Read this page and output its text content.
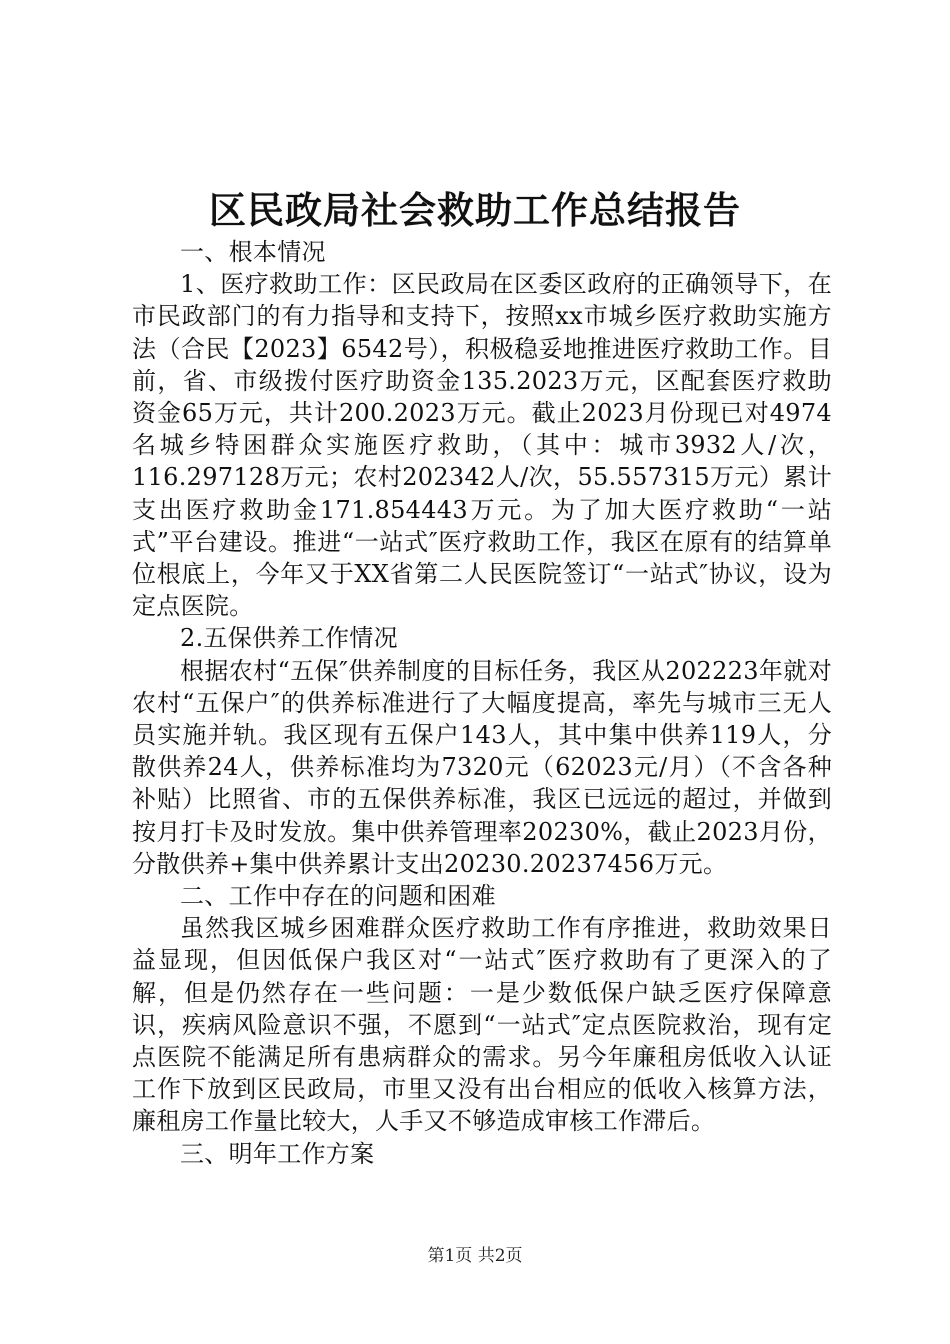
区民政局社会救助工作总结报告

一、根本情况

1、医疗救助工作：区民政局在区委区政府的正确领导下，在市民政部门的有力指导和支持下，按照xx市城乡医疗救助实施方法（合民【2023】6542号），积极稳妥地推进医疗救助工作。目前，省、市级拨付医疗助资金135.2023万元，区配套医疗救助资金65万元，共计200.2023万元。截止2023月份现已对4974名城乡特困群众实施医疗救助，（其中：城市3932人/次，116.297128万元；农村202342人/次，55.557315万元）累计支出医疗救助金171.854443万元。为了加大医疗救助“一站式”平台建设。推进“一站式″医疗救助工作，我区在原有的结算单位根底上，今年又于XX省第二人民医院签订“一站式″协议，设为定点医院。

2.五保供养工作情况

根据农村“五保″供养制度的目标任务，我区从202223年就对农村“五保户″的供养标准进行了大幅度提高，率先与城市三无人员实施并轨。我区现有五保户143人，其中集中供养119人，分散供养24人，供养标准均为7320元（62023元/月）（不含各种补贴）比照省、市的五保供养标准，我区已远远的超过，并做到按月打卡及时发放。集中供养管理率20230%，截止2023月份，分散供养+集中供养累计支出20230.20237456万元。

二、工作中存在的问题和困难

虽然我区城乡困难群众医疗救助工作有序推进，救助效果日益显现，但因低保户我区对“一站式″医疗救助有了更深入的了解，但是仍然存在一些问题：一是少数低保户缺乏医疗保障意识，疾病风险意识不强，不愿到“一站式″定点医院救治，现有定点医院不能满足所有患病群众的需求。另今年廉租房低收入认证工作下放到区民政局，市里又没有出台相应的低收入核算方法，廉租房工作量比较大，人手又不够造成审核工作滞后。

三、明年工作方案

第1页 共2页
